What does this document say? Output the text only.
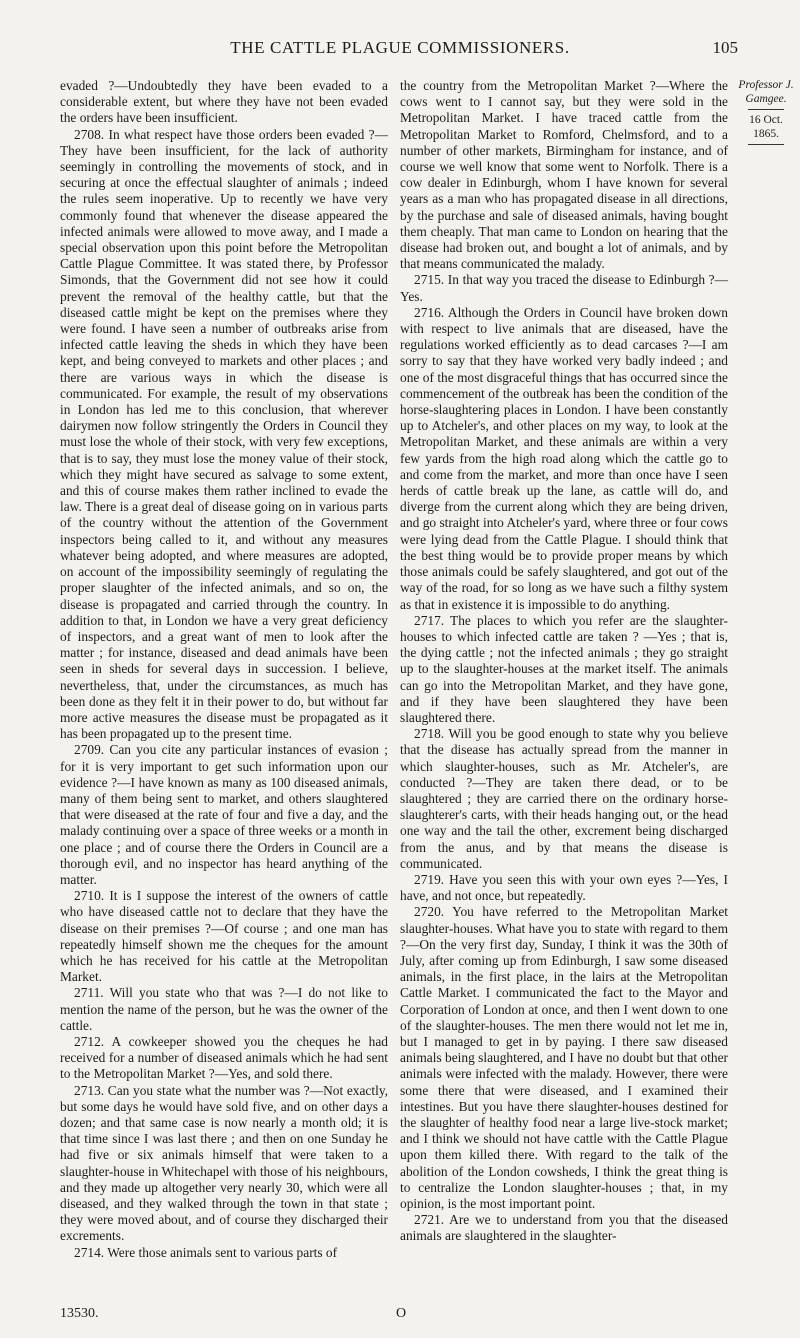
THE CATTLE PLAGUE COMMISSIONERS.	105

evaded ?—Undoubtedly they have been evaded to a considerable extent, but where they have not been evaded the orders have been insufficient.

2708. In what respect have those orders been evaded ?—They have been insufficient, for the lack of authority seemingly in controlling the movements of stock, and in securing at once the effectual slaughter of animals ; indeed the rules seem inoperative. Up to recently we have very commonly found that whenever the disease appeared the infected animals were allowed to move away, and I made a special observation upon this point before the Metropolitan Cattle Plague Committee. It was stated there, by Professor Simonds, that the Government did not see how it could prevent the removal of the healthy cattle, but that the diseased cattle might be kept on the premises where they were found. I have seen a number of outbreaks arise from infected cattle leaving the sheds in which they have been kept, and being conveyed to markets and other places ; and there are various ways in which the disease is communicated. For example, the result of my observations in London has led me to this conclusion, that wherever dairymen now follow stringently the Orders in Council they must lose the whole of their stock, with very few exceptions, that is to say, they must lose the money value of their stock, which they might have secured as salvage to some extent, and this of course makes them rather inclined to evade the law. There is a great deal of disease going on in various parts of the country without the attention of the Government inspectors being called to it, and without any measures whatever being adopted, and where measures are adopted, on account of the impossibility seemingly of regulating the proper slaughter of the infected animals, and so on, the disease is propagated and carried through the country. In addition to that, in London we have a very great deficiency of inspectors, and a great want of men to look after the matter ; for instance, diseased and dead animals have been seen in sheds for several days in succession. I believe, nevertheless, that, under the circumstances, as much has been done as they felt it in their power to do, but without far more active measures the disease must be propagated as it has been propagated up to the present time.

2709. Can you cite any particular instances of evasion ; for it is very important to get such information upon our evidence ?—I have known as many as 100 diseased animals, many of them being sent to market, and others slaughtered that were diseased at the rate of four and five a day, and the malady continuing over a space of three weeks or a month in one place ; and of course there the Orders in Council are a thorough evil, and no inspector has heard anything of the matter.

2710. It is I suppose the interest of the owners of cattle who have diseased cattle not to declare that they have the disease on their premises ?—Of course ; and one man has repeatedly himself shown me the cheques for the amount which he has received for his cattle at the Metropolitan Market.

2711. Will you state who that was ?—I do not like to mention the name of the person, but he was the owner of the cattle.

2712. A cowkeeper showed you the cheques he had received for a number of diseased animals which he had sent to the Metropolitan Market ?—Yes, and sold there.

2713. Can you state what the number was ?—Not exactly, but some days he would have sold five, and on other days a dozen; and that same case is now nearly a month old; it is that time since I was last there ; and then on one Sunday he had five or six animals himself that were taken to a slaughter-house in Whitechapel with those of his neighbours, and they made up altogether very nearly 30, which were all diseased, and they walked through the town in that state ; they were moved about, and of course they discharged their excrements.

2714. Were those animals sent to various parts of

the country from the Metropolitan Market ?—Where the cows went to I cannot say, but they were sold in the Metropolitan Market. I have traced cattle from the Metropolitan Market to Romford, Chelmsford, and to a number of other markets, Birmingham for instance, and of course we well know that some went to Norfolk. There is a cow dealer in Edinburgh, whom I have known for several years as a man who has propagated disease in all directions, by the purchase and sale of diseased animals, having bought them cheaply. That man came to London on hearing that the disease had broken out, and bought a lot of animals, and by that means communicated the malady.

2715. In that way you traced the disease to Edinburgh ?—Yes.

2716. Although the Orders in Council have broken down with respect to live animals that are diseased, have the regulations worked efficiently as to dead carcases ?—I am sorry to say that they have worked very badly indeed ; and one of the most disgraceful things that has occurred since the commencement of the outbreak has been the condition of the horse-slaughtering places in London. I have been constantly up to Atcheler's, and other places on my way, to look at the Metropolitan Market, and these animals are within a very few yards from the high road along which the cattle go to and come from the market, and more than once have I seen herds of cattle break up the lane, as cattle will do, and diverge from the current along which they are being driven, and go straight into Atcheler's yard, where three or four cows were lying dead from the Cattle Plague. I should think that the best thing would be to provide proper means by which those animals could be safely slaughtered, and got out of the way of the road, for so long as we have such a filthy system as that in existence it is impossible to do anything.

2717. The places to which you refer are the slaughter-houses to which infected cattle are taken ? —Yes ; that is, the dying cattle ; not the infected animals ; they go straight up to the slaughter-houses at the market itself. The animals can go into the Metropolitan Market, and they have gone, and if they have been slaughtered they have been slaughtered there.

2718. Will you be good enough to state why you believe that the disease has actually spread from the manner in which slaughter-houses, such as Mr. Atcheler's, are conducted ?—They are taken there dead, or to be slaughtered ; they are carried there on the ordinary horse-slaughterer's carts, with their heads hanging out, or the head one way and the tail the other, excrement being discharged from the anus, and by that means the disease is communicated.

2719. Have you seen this with your own eyes ?—Yes, I have, and not once, but repeatedly.

2720. You have referred to the Metropolitan Market slaughter-houses. What have you to state with regard to them ?—On the very first day, Sunday, I think it was the 30th of July, after coming up from Edinburgh, I saw some diseased animals, in the first place, in the lairs at the Metropolitan Cattle Market. I communicated the fact to the Mayor and Corporation of London at once, and then I went down to one of the slaughter-houses. The men there would not let me in, but I managed to get in by paying. I there saw diseased animals being slaughtered, and I have no doubt but that other animals were infected with the malady. However, there were some there that were diseased, and I examined their intestines. But you have there slaughter-houses destined for the slaughter of healthy food near a large live-stock market; and I think we should not have cattle with the Cattle Plague upon them killed there. With regard to the talk of the abolition of the London cowsheds, I think the great thing is to centralize the London slaughter-houses ; that, in my opinion, is the most important point.

2721. Are we to understand from you that the diseased animals are slaughtered in the slaughter-

Professor J. Gamgee.
16 Oct. 1865.
13530.	O
